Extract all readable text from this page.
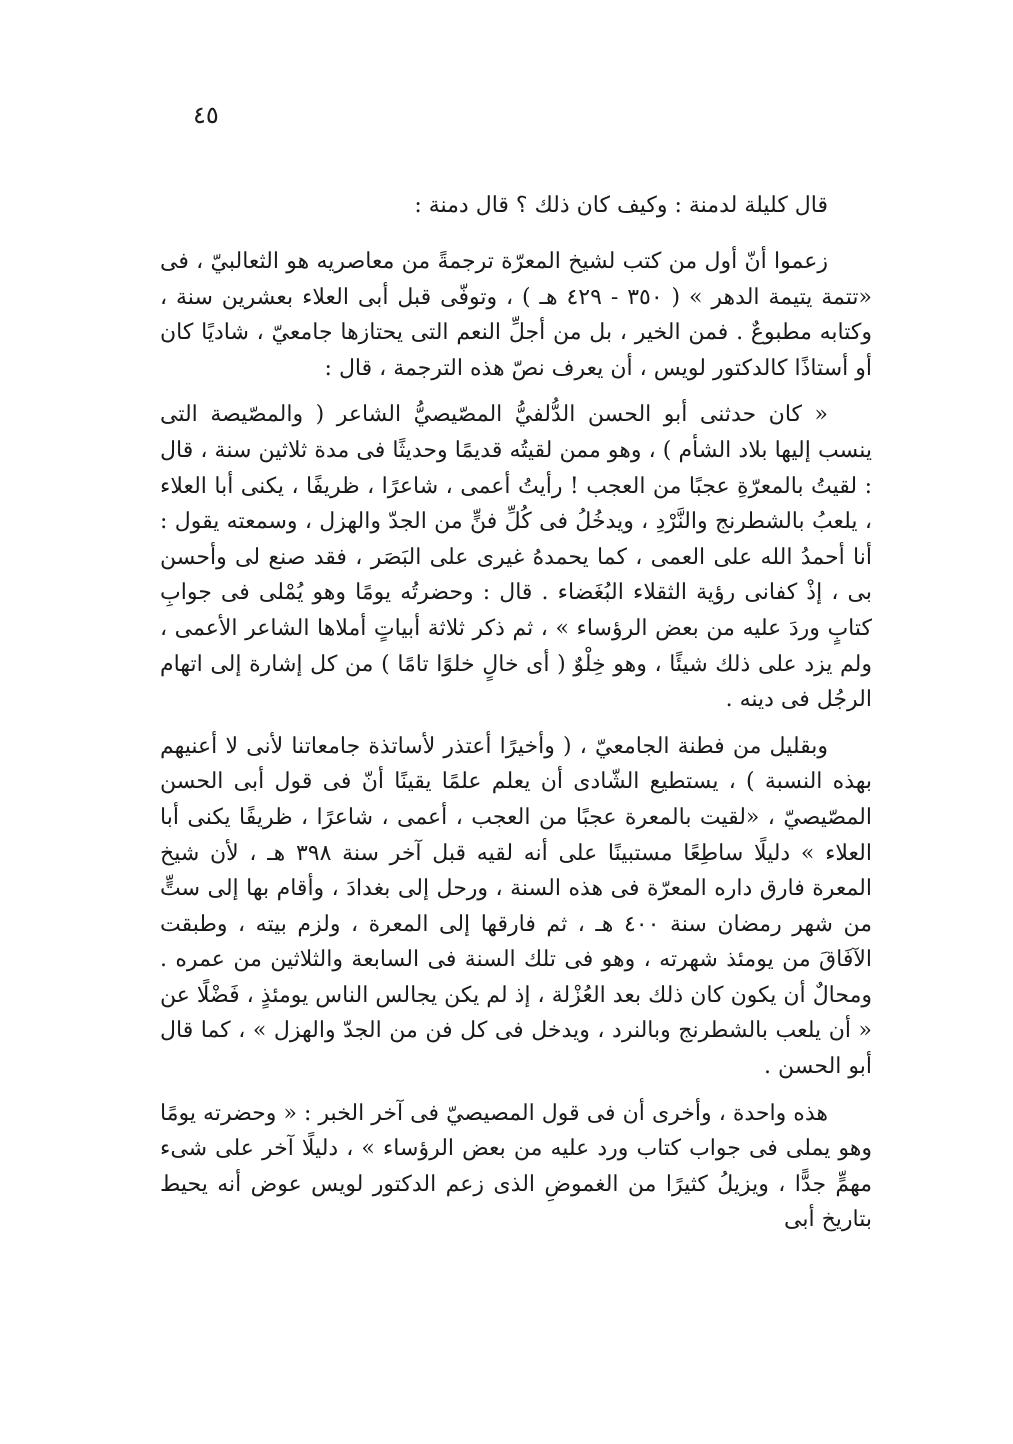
٤٥
قال كليلة لدمنة : وكيف كان ذلك ؟ قال دمنة :

زعموا أنّ أول من كتب لشيخ المعرّة ترجمةً من معاصريه هو الثعالبيّ ، فى «تتمة يتيمة الدهر » ( ٣٥٠ - ٤٢٩ هـ ) ، وتوفّى قبل أبى العلاء بعشرين سنة ، وكتابه مطبوعٌ . فمن الخير ، بل من أجلِّ النعم التى يحتازها جامعيّ ، شاديًا كان أو أستاذًا كالدكتور لويس ، أن يعرف نصّ هذه الترجمة ، قال :

« كان حدثنى أبو الحسن الدُّلفيُّ المصّيصيُّ الشاعر ( والمصّيصة التى ينسب إليها بلاد الشأم ) ، وهو ممن لقيتُه قديمًا وحديثًا فى مدة ثلاثين سنة ، قال : لقيتُ بالمعرّةِ عجبًا من العجب ! رأيتُ أعمى ، شاعرًا ، ظريفًا ، يكنى أبا العلاء ، يلعبُ بالشطرنج والنَّرْدِ ، ويدخُلُ فى كُلِّ فنٍّ من الجدّ والهزل ، وسمعته يقول : أنا أحمدُ الله على العمى ، كما يحمدهُ غيرى على البَصَر ، فقد صنع لى وأحسن بى ، إذْ كفانى رؤية الثقلاء البُغَضاء . قال : وحضرتُه يومًا وهو يُمْلى فى جوابِ كتابٍ وردَ عليه من بعض الرؤساء » ، ثم ذكر ثلاثة أبياتٍ أملاها الشاعر الأعمى ، ولم يزد على ذلك شيئًا ، وهو خِلْوٌ ( أى خالٍ خلوًا تامًا ) من كل إشارة إلى اتهام الرجُل فى دينه .

وبقليل من فطنة الجامعيّ ، ( وأخيرًا أعتذر لأساتذة جامعاتنا لأنى لا أعنيهم بهذه النسبة ) ، يستطيع الشّادى أن يعلم علمًا يقينًا أنّ فى قول أبى الحسن المصّيصيّ ، «لقيت بالمعرة عجبًا من العجب ، أعمى ، شاعرًا ، ظريفًا يكنى أبا العلاء » دليلًا ساطِعًا مستبينًا على أنه لقيه قبل آخر سنة ٣٩٨ هـ ، لأن شيخ المعرة فارق داره المعرّة فى هذه السنة ، ورحل إلى بغدادَ ، وأقام بها إلى ستٍّ من شهر رمضان سنة ٤٠٠ هـ ، ثم فارقها إلى المعرة ، ولزم بيته ، وطبقت الآفَاقَ من يومئذ شهرته ، وهو فى تلك السنة فى السابعة والثلاثين من عمره . ومحالٌ أن يكون كان ذلك بعد العُزْلة ، إذ لم يكن يجالس الناس يومئذٍ ، فَضْلًا عن « أن يلعب بالشطرنج وبالنرد ، ويدخل فى كل فن من الجدّ والهزل » ، كما قال أبو الحسن .

هذه واحدة ، وأخرى أن فى قول المصيصيّ فى آخر الخبر : « وحضرته يومًا وهو يملى فى جواب كتاب ورد عليه من بعض الرؤساء » ، دليلًا آخر على شىء مهمٍّ جدًّا ، ويزيلُ كثيرًا من الغموضِ الذى زعم الدكتور لويس عوض أنه يحيط بتاريخ أبى
